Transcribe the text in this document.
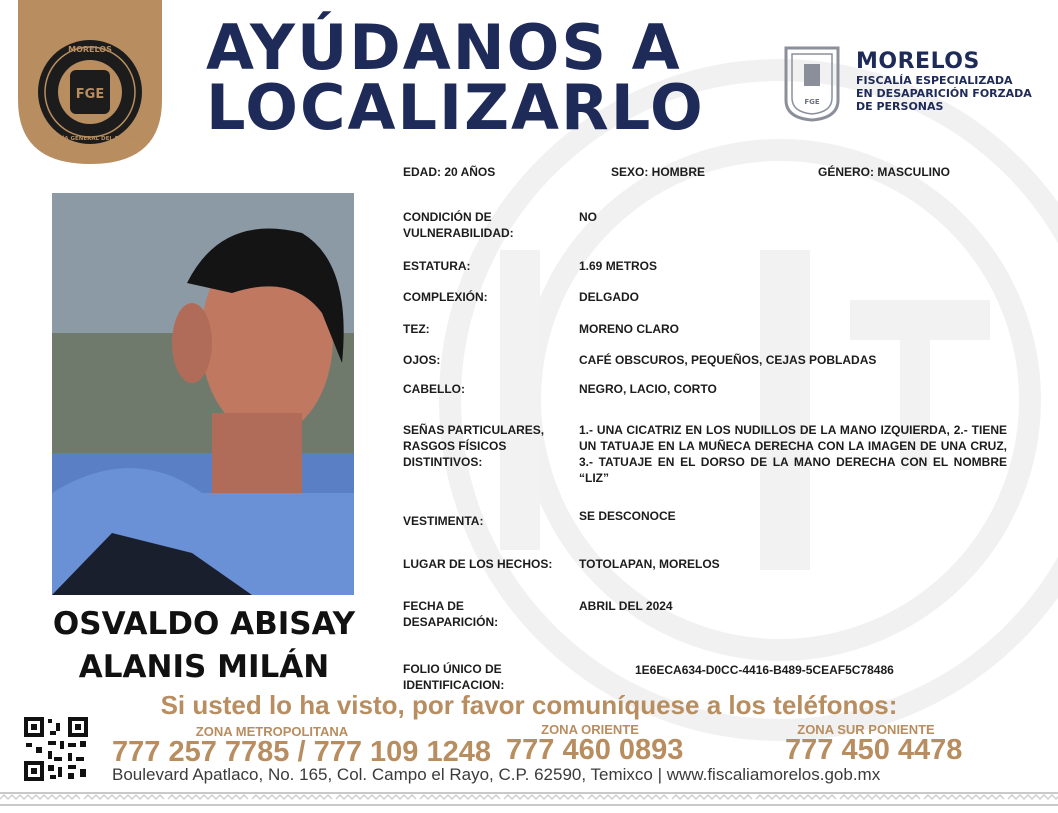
FGE
MORELOS
FISCALÍA GENERAL DEL ESTADO
AYÚDANOS A
LOCALIZARLO	FGE
MORELOS
FISCALÍA ESPECIALIZADA
EN DESAPARICIÓN FORZADA
DE PERSONAS
OSVALDO ABISAY
ALANIS MILÁN
EDAD: 20 AÑOS	SEXO: HOMBRE	GÉNERO: MASCULINO
CONDICIÓN DE VULNERABILIDAD:
NO
ESTATURA:	1.69 METROS
COMPLEXIÓN:	DELGADO
TEZ:	MORENO CLARO
OJOS:	CAFÉ OBSCUROS, PEQUEÑOS, CEJAS POBLADAS
CABELLO:	NEGRO, LACIO, CORTO
SEÑAS PARTICULARES, RASGOS FÍSICOS DISTINTIVOS:
1.- UNA CICATRIZ EN LOS NUDILLOS DE LA MANO IZQUIERDA, 2.- TIENE UN TATUAJE EN LA MUÑECA DERECHA CON LA IMAGEN DE UNA CRUZ, 3.- TATUAJE EN EL DORSO DE LA MANO DERECHA CON EL NOMBRE “LIZ”
VESTIMENTA:	SE DESCONOCE
LUGAR DE LOS HECHOS:	TOTOLAPAN, MORELOS
FECHA DE DESAPARICIÓN:
ABRIL DEL 2024
FOLIO ÚNICO DE IDENTIFICACION:
1E6ECA634-D0CC-4416-B489-5CEAF5C78486
Si usted lo ha visto, por favor comuníquese a los teléfonos:
ZONA METROPOLITANA
777 257 7785 / 777 109 1248
ZONA ORIENTE
777 460 0893
ZONA SUR PONIENTE
777 450 4478
Boulevard Apatlaco, No. 165, Col. Campo el Rayo, C.P. 62590, Temixco | www.fiscaliamorelos.gob.mx
